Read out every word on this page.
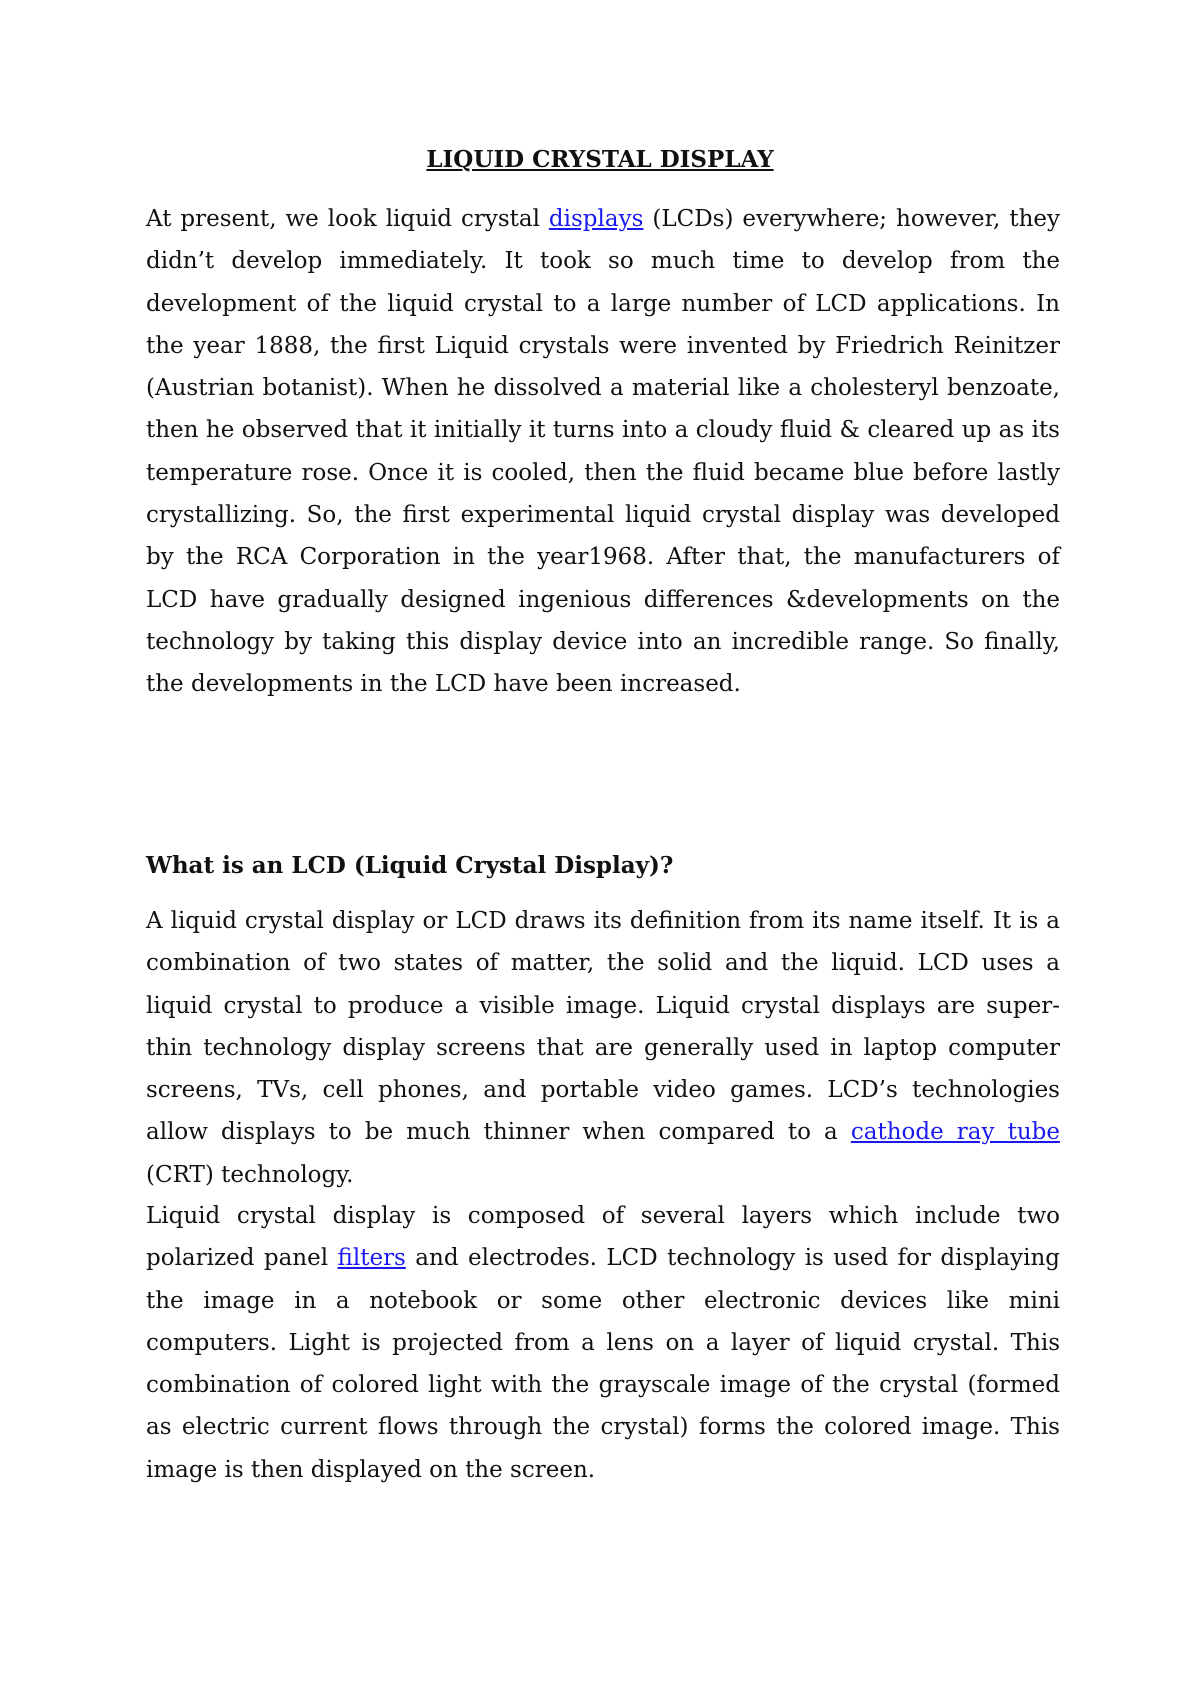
LIQUID CRYSTAL DISPLAY

At present, we look liquid crystal displays (LCDs) everywhere; however, they didn’t develop immediately. It took so much time to develop from the development of the liquid crystal to a large number of LCD applications. In the year 1888, the first Liquid crystals were invented by Friedrich Reinitzer (Austrian botanist). When he dissolved a material like a cholesteryl benzoate, then he observed that it initially it turns into a cloudy fluid & cleared up as its temperature rose. Once it is cooled, then the fluid became blue before lastly crystallizing. So, the first experimental liquid crystal display was developed by the RCA Corporation in the year1968. After that, the manufacturers of LCD have gradually designed ingenious differences &developments on the technology by taking this display device into an incredible range. So finally, the developments in the LCD have been increased.

What is an LCD (Liquid Crystal Display)?

A liquid crystal display or LCD draws its definition from its name itself. It is a combination of two states of matter, the solid and the liquid. LCD uses a liquid crystal to produce a visible image. Liquid crystal displays are super-thin technology display screens that are generally used in laptop computer screens, TVs, cell phones, and portable video games. LCD’s technologies allow displays to be much thinner when compared to a cathode ray tube (CRT) technology.

Liquid crystal display is composed of several layers which include two polarized panel filters and electrodes. LCD technology is used for displaying the image in a notebook or some other electronic devices like mini computers. Light is projected from a lens on a layer of liquid crystal. This combination of colored light with the grayscale image of the crystal (formed as electric current flows through the crystal) forms the colored image. This image is then displayed on the screen.
